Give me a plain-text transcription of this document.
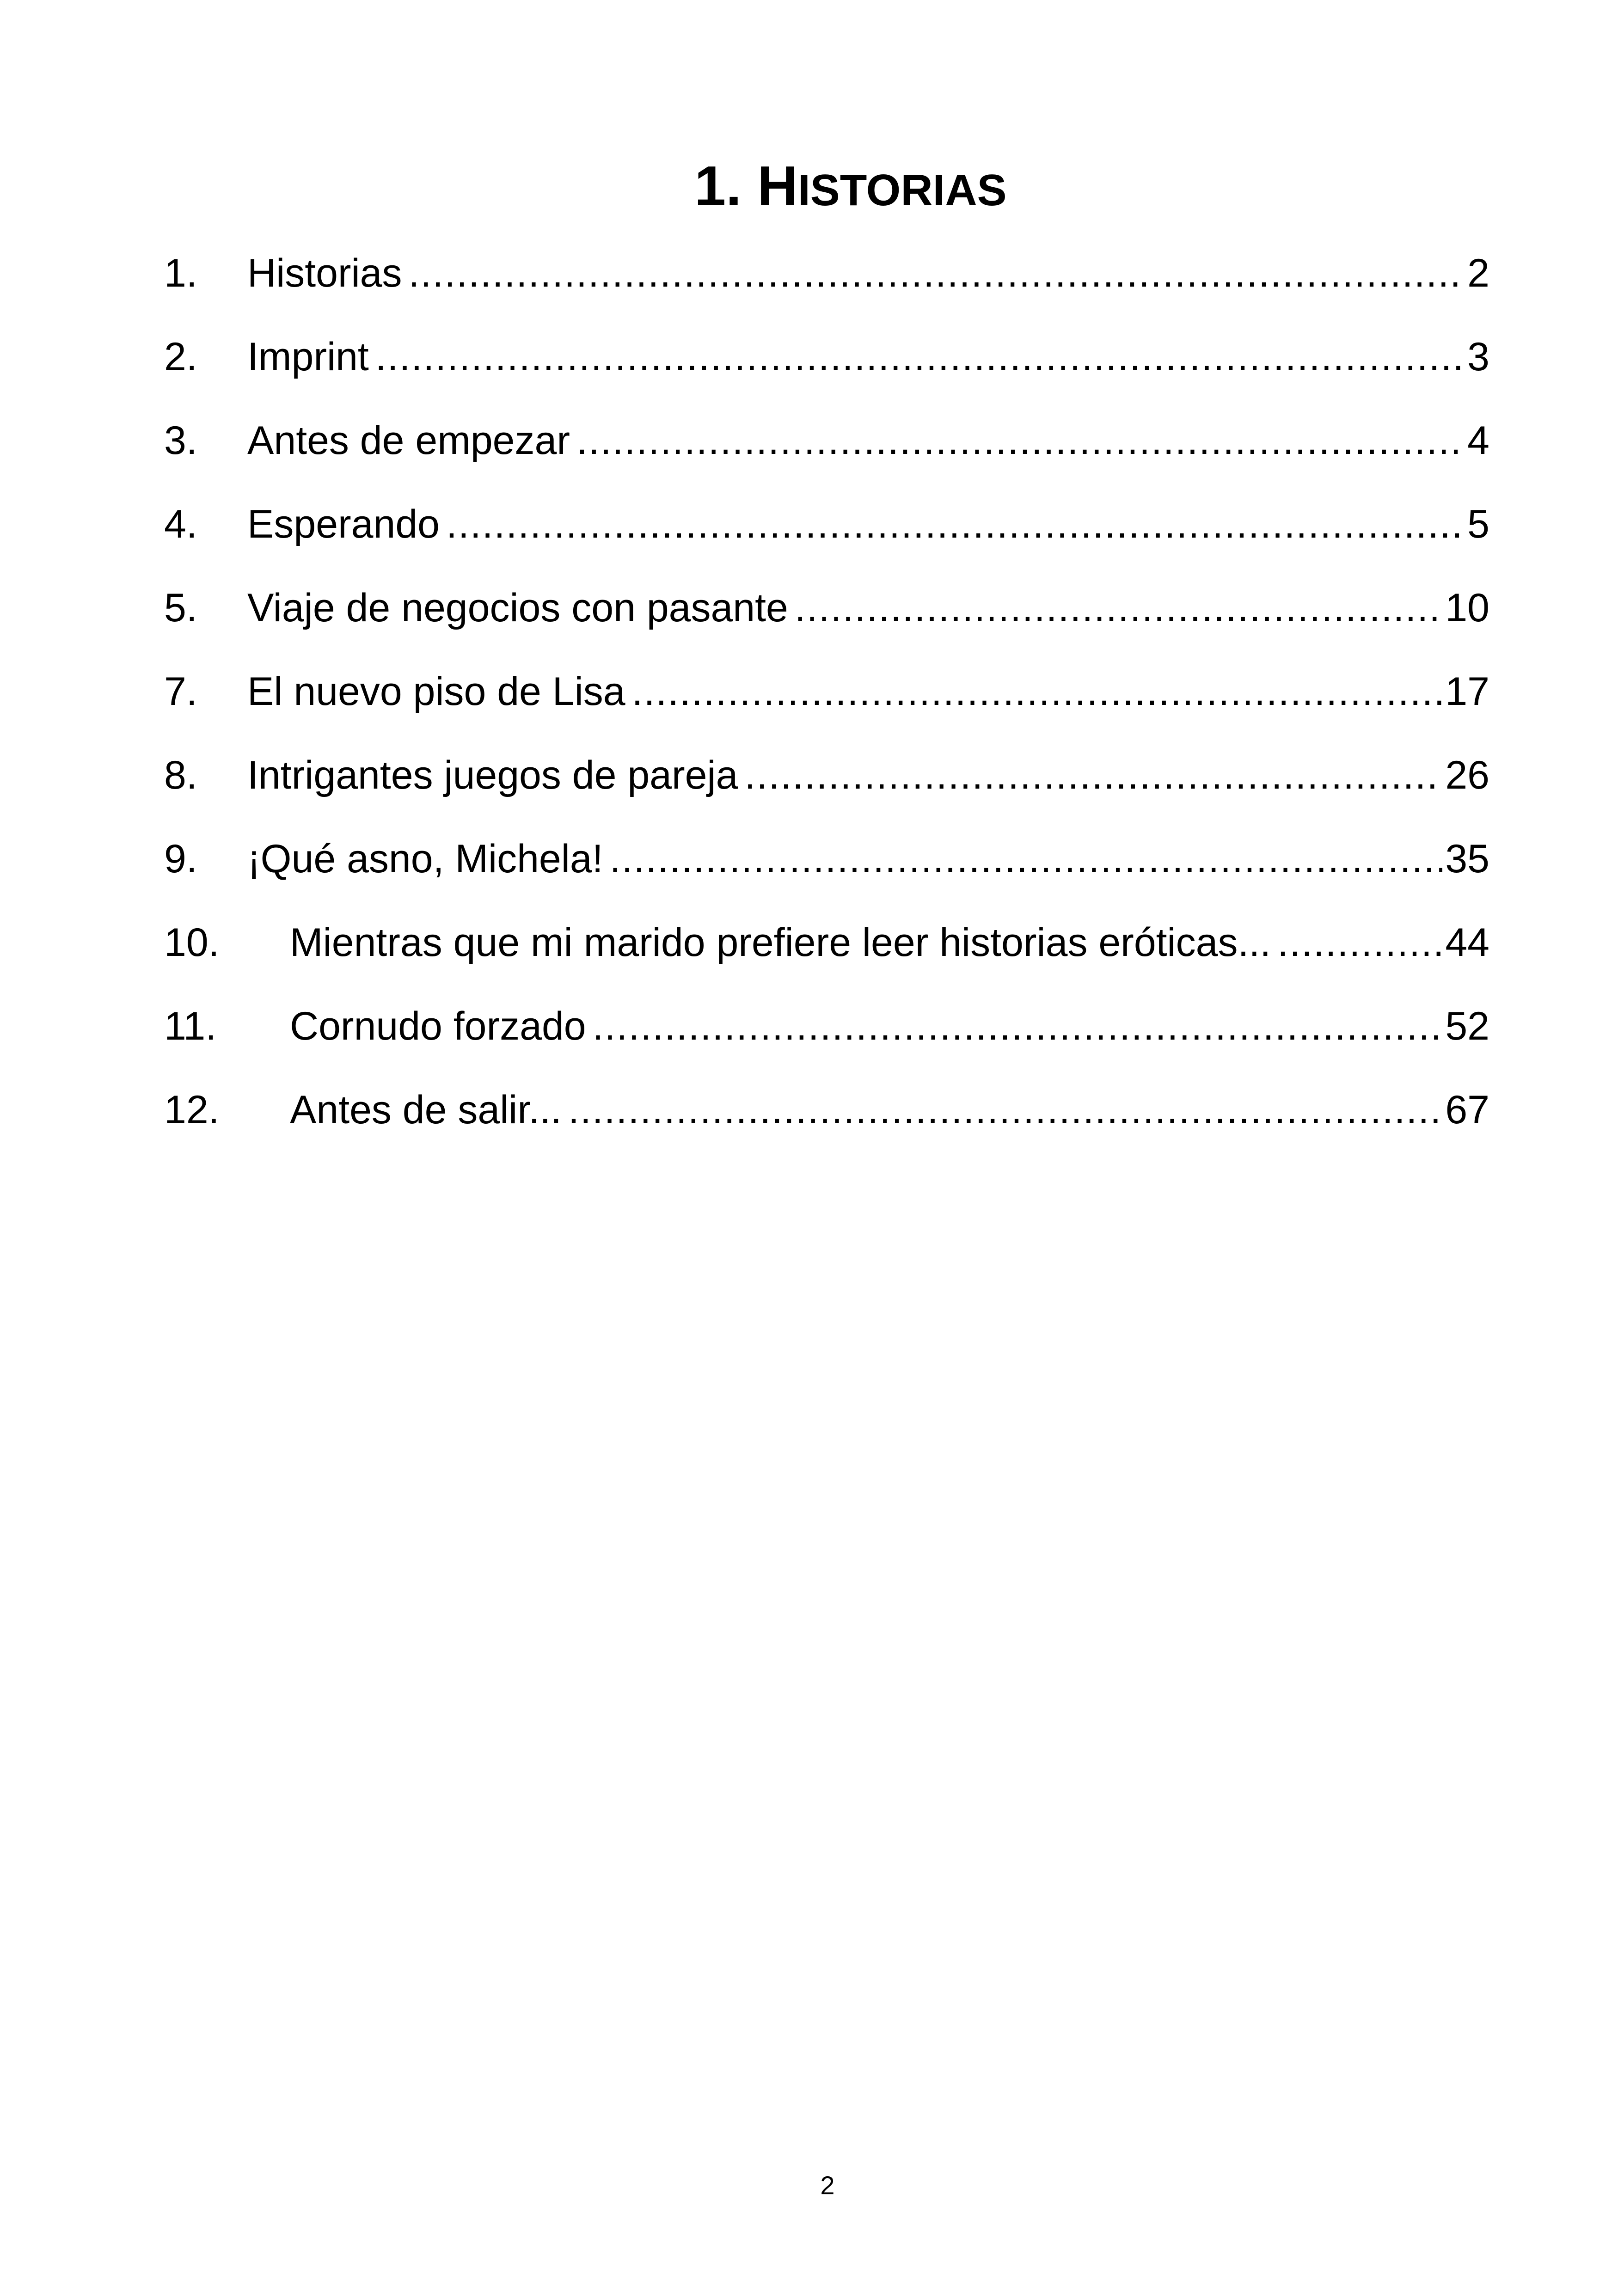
1. HISTORIAS
1.	Historias .....	2
2.	Imprint .....	3
3.	Antes de empezar .....	4
4.	Esperando .....	5
5.	Viaje de negocios con pasante .....	10
7.	El nuevo piso de Lisa .....	17
8.	Intrigantes juegos de pareja .....	26
9.	¡Qué asno, Michela! .....	35
10.	Mientras que mi marido prefiere leer historias eróticas... .....	44
11.	Cornudo forzado .....	52
12.	Antes de salir... .....	67
2
